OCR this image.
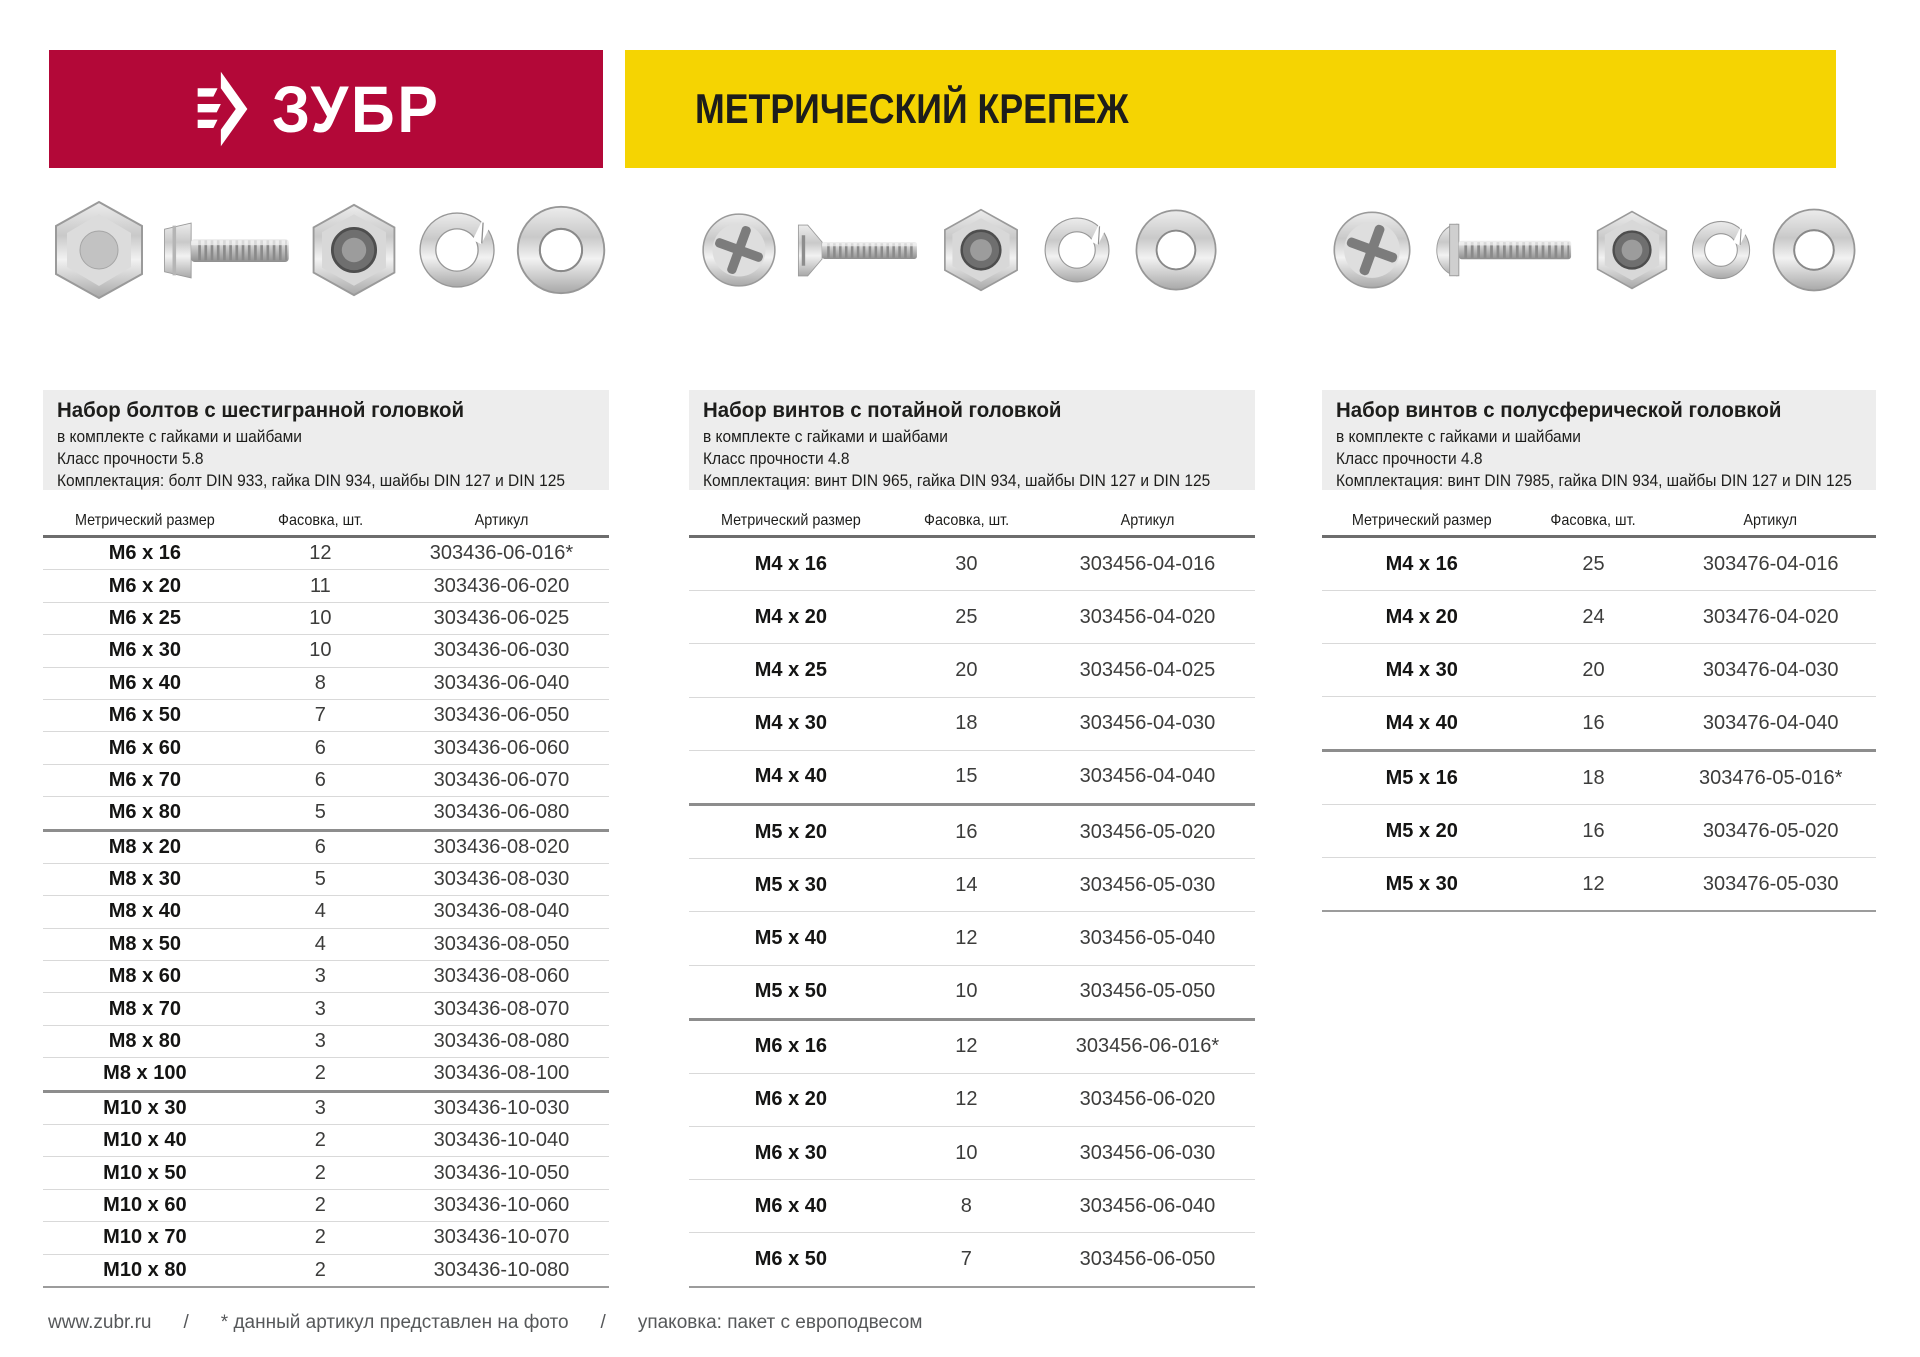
ЗУБР	МЕТРИЧЕСКИЙ КРЕПЕЖ
Набор болтов с шестигранной головкой

в комплекте с гайками и шайбами

Класс прочности 5.8

Комплектация: болт DIN 933, гайка DIN 934, шайбы DIN 127 и DIN 125

Метрический размер	Фасовка, шт.	Артикул
М6 х 16	12	303436-06-016*
М6 х 20	11	303436-06-020
М6 х 25	10	303436-06-025
М6 х 30	10	303436-06-030
М6 х 40	8	303436-06-040
М6 х 50	7	303436-06-050
М6 х 60	6	303436-06-060
М6 х 70	6	303436-06-070
М6 х 80	5	303436-06-080
М8 х 20	6	303436-08-020
М8 х 30	5	303436-08-030
М8 х 40	4	303436-08-040
М8 х 50	4	303436-08-050
М8 х 60	3	303436-08-060
М8 х 70	3	303436-08-070
М8 х 80	3	303436-08-080
М8 х 100	2	303436-08-100
М10 х 30	3	303436-10-030
М10 х 40	2	303436-10-040
М10 х 50	2	303436-10-050
М10 х 60	2	303436-10-060
М10 х 70	2	303436-10-070
М10 х 80	2	303436-10-080
Набор винтов с потайной головкой

в комплекте с гайками и шайбами

Класс прочности 4.8

Комплектация: винт DIN 965, гайка DIN 934, шайбы DIN 127 и DIN 125

Метрический размер	Фасовка, шт.	Артикул
М4 х 16	30	303456-04-016
М4 х 20	25	303456-04-020
М4 х 25	20	303456-04-025
М4 х 30	18	303456-04-030
М4 х 40	15	303456-04-040
М5 х 20	16	303456-05-020
М5 х 30	14	303456-05-030
М5 х 40	12	303456-05-040
М5 х 50	10	303456-05-050
М6 х 16	12	303456-06-016*
М6 х 20	12	303456-06-020
М6 х 30	10	303456-06-030
М6 х 40	8	303456-06-040
М6 х 50	7	303456-06-050
Набор винтов с полусферической головкой

в комплекте с гайками и шайбами

Класс прочности 4.8

Комплектация: винт DIN 7985, гайка DIN 934, шайбы DIN 127 и DIN 125

Метрический размер	Фасовка, шт.	Артикул
М4 х 16	25	303476-04-016
М4 х 20	24	303476-04-020
М4 х 30	20	303476-04-030
М4 х 40	16	303476-04-040
М5 х 16	18	303476-05-016*
М5 х 20	16	303476-05-020
М5 х 30	12	303476-05-030
www.zubr.ru / * данный артикул представлен на фото / упаковка: пакет с европодвесом
